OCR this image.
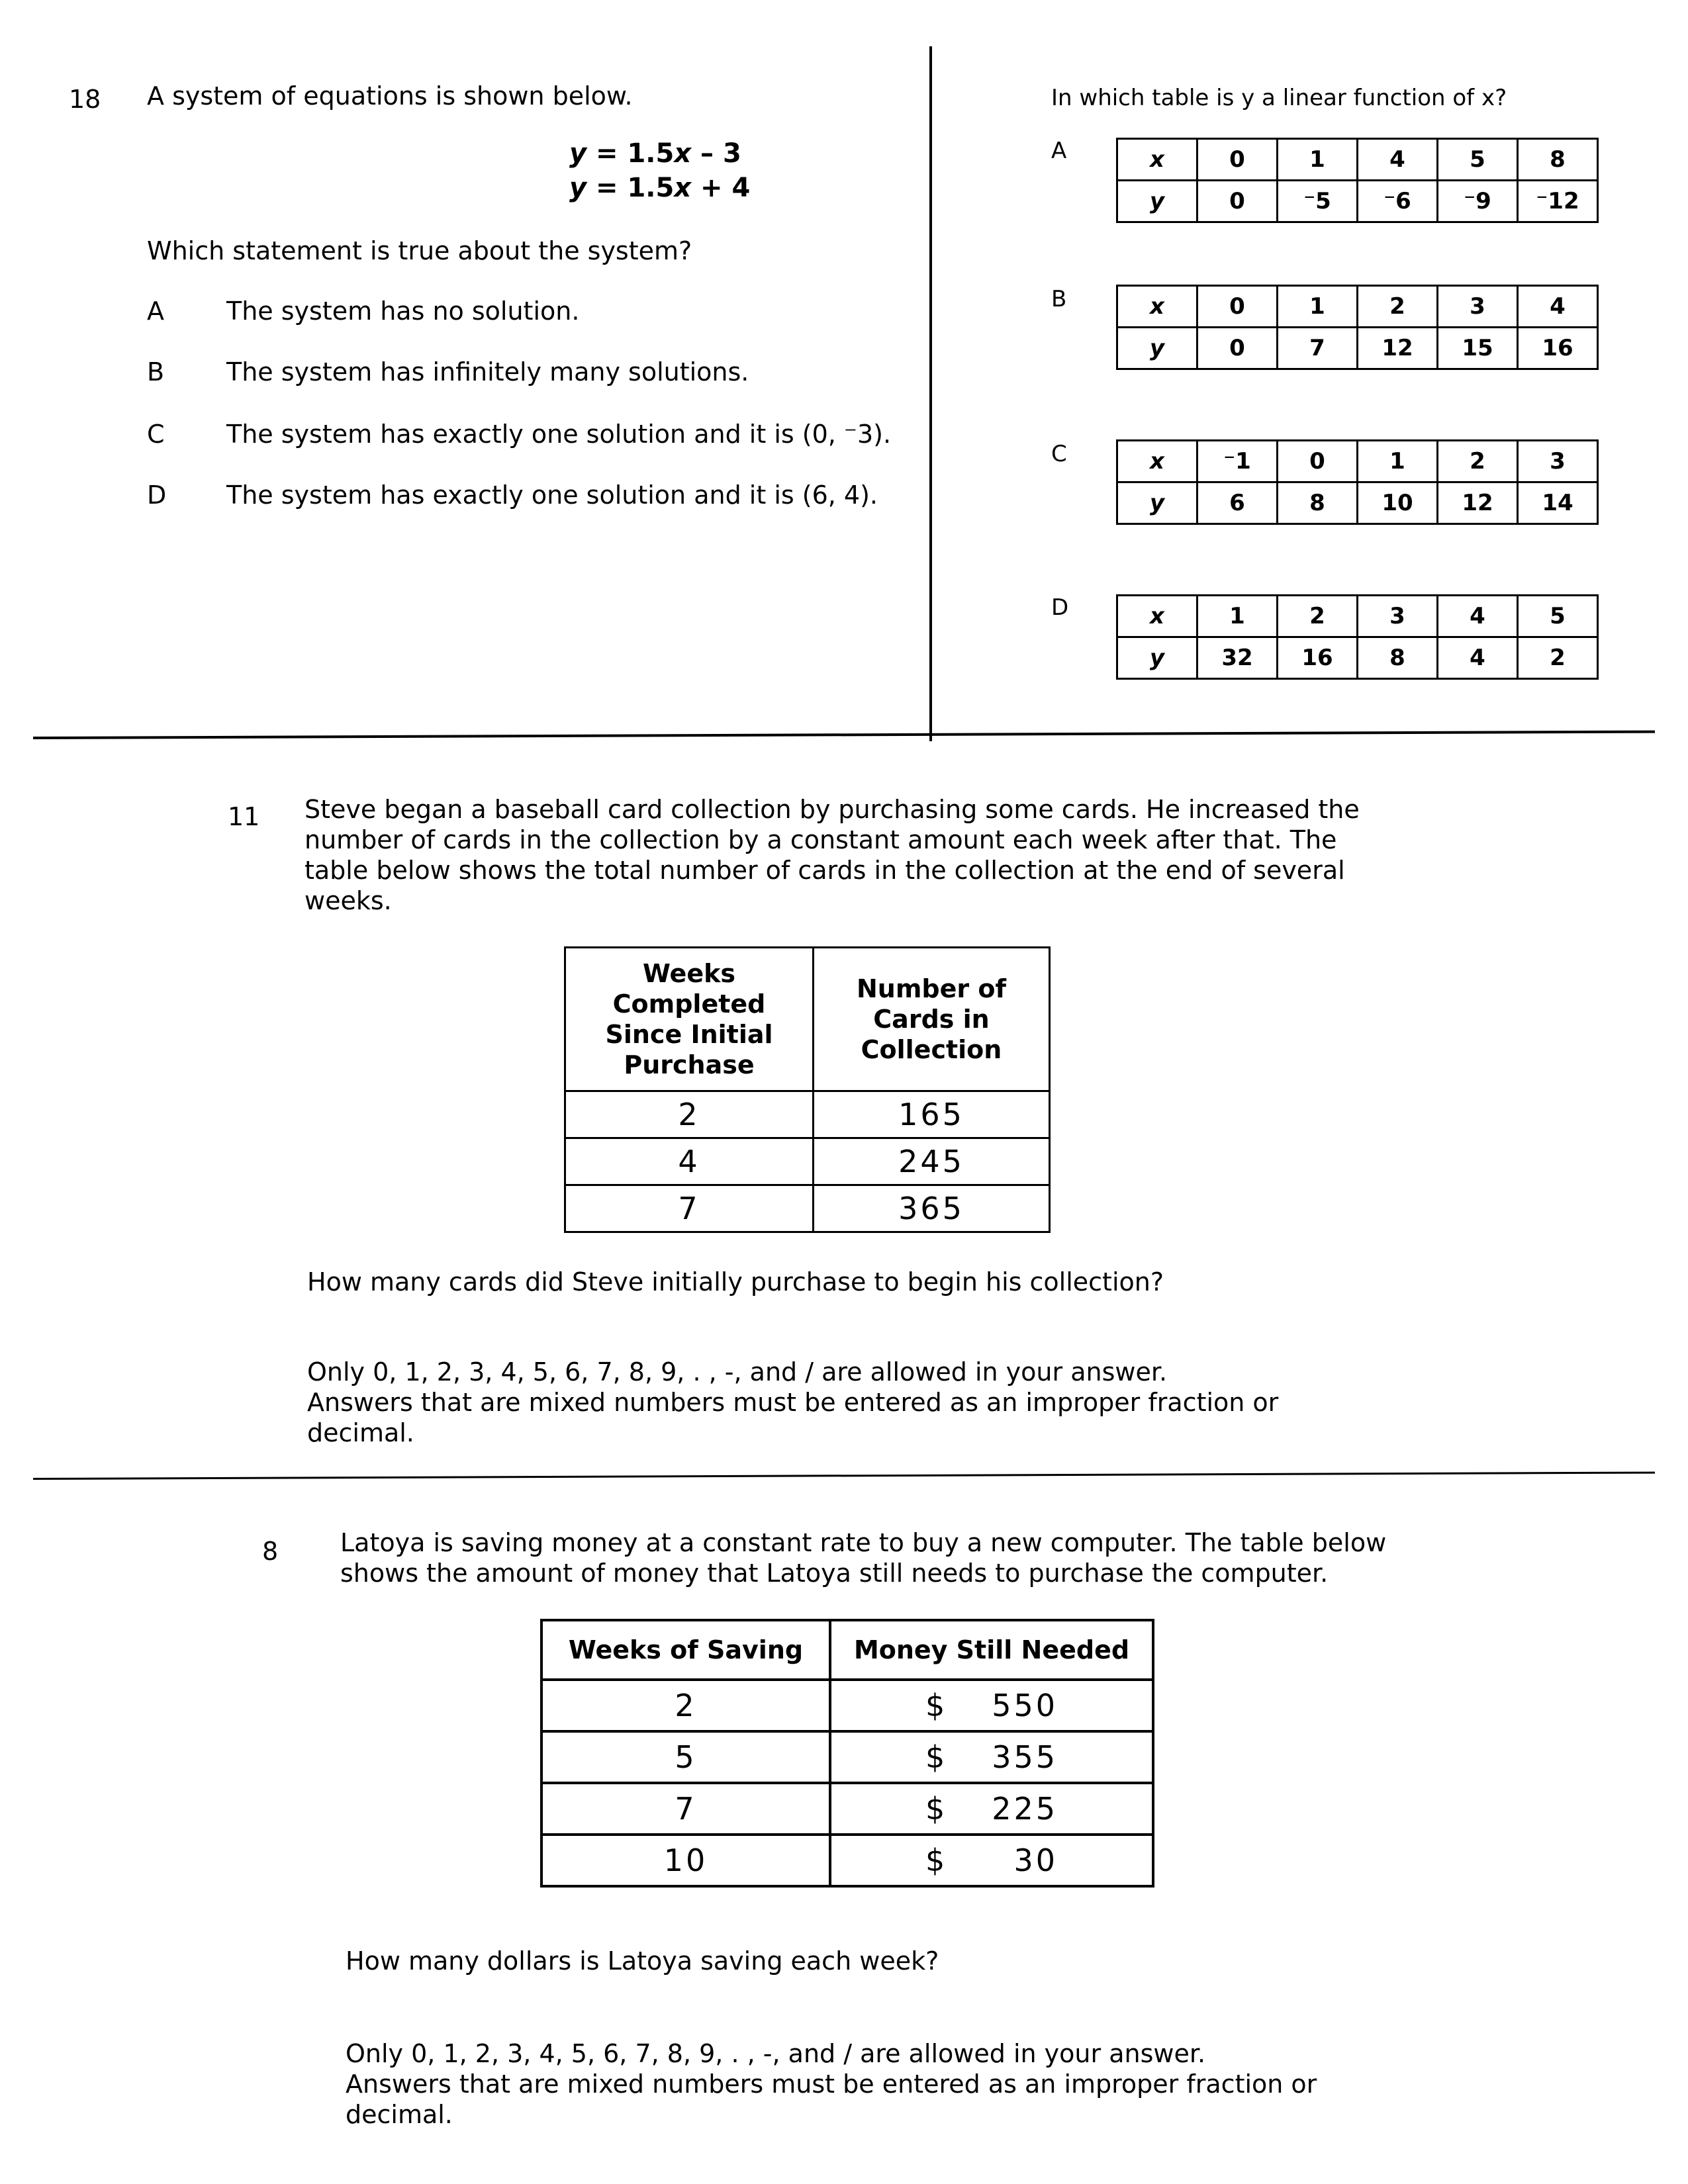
18 A system of equations is shown below.
y = 1.5x – 3
y = 1.5x + 4
Which statement is true about the system?
A The system has no solution.
B The system has infinitely many solutions.
C The system has exactly one solution and it is (0, ⁻3).
D The system has exactly one solution and it is (6, 4).
In which table is y a linear function of x?
A	x	0	1	4	5	8
y	0	⁻5	⁻6	⁻9	⁻12
B	x	0	1	2	3	4
y	0	7	12	15	16
C	x	⁻1	0	1	2	3
y	6	8	10	12	14
D	x	1	2	3	4	5
y	32	16	8	4	2
11 Steve began a baseball card collection by purchasing some cards. He increased the
number of cards in the collection by a constant amount each week after that. The
table below shows the total number of cards in the collection at the end of several
weeks.
Weeks
Completed
Since Initial
Purchase

Number of
Cards in
Collection

2	165
4	245
7	365
How many cards did Steve initially purchase to begin his collection?
Only 0, 1, 2, 3, 4, 5, 6, 7, 8, 9, . , -, and / are allowed in your answer.
Answers that are mixed numbers must be entered as an improper fraction or
decimal.
8 Latoya is saving money at a constant rate to buy a new computer. The table below
shows the amount of money that Latoya still needs to purchase the computer.
Weeks of Saving	Money Still Needed
2	$ 550
5	$ 355
7	$ 225
10	$ 30
How many dollars is Latoya saving each week?
Only 0, 1, 2, 3, 4, 5, 6, 7, 8, 9, . , -, and / are allowed in your answer.
Answers that are mixed numbers must be entered as an improper fraction or
decimal.
